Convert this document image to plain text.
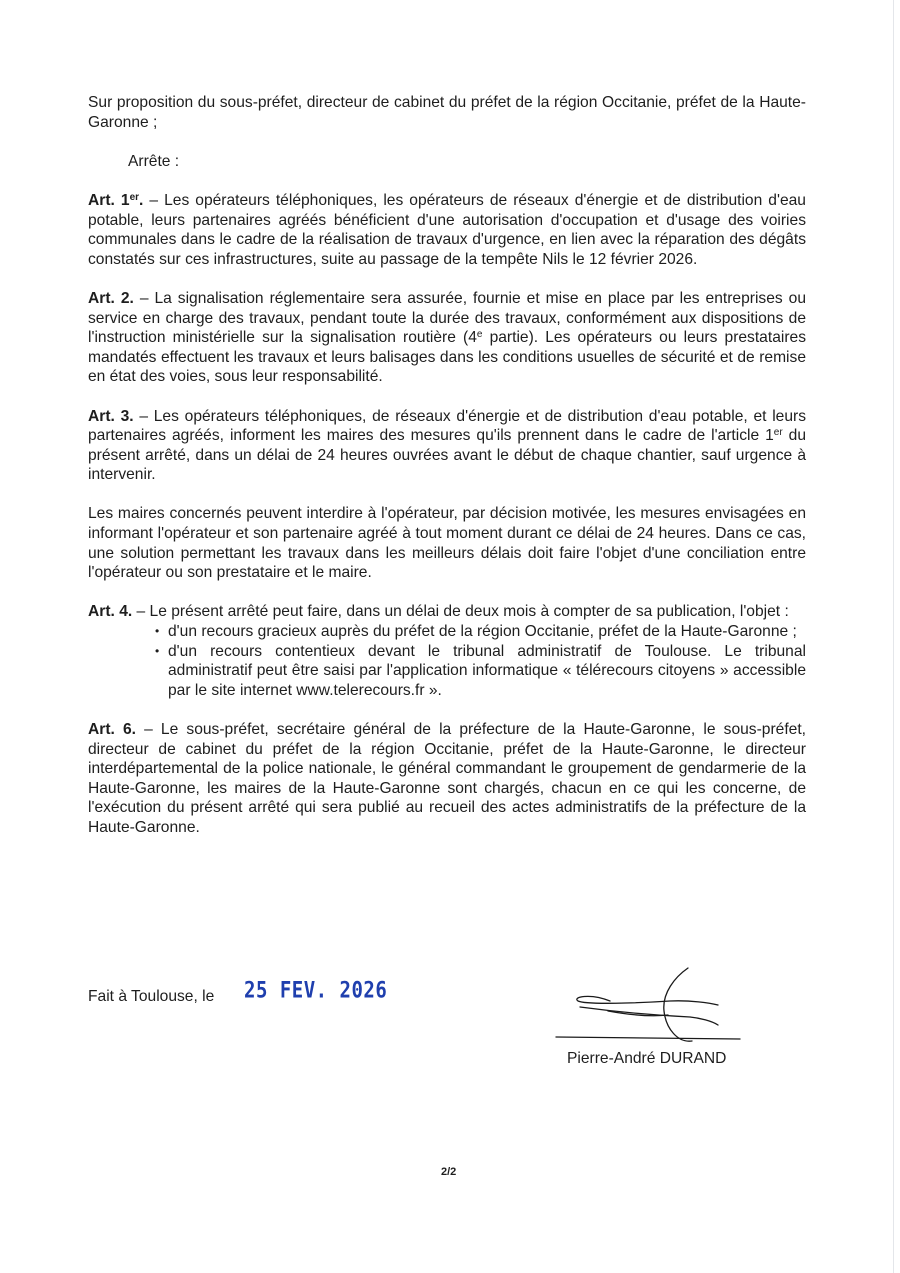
Sur proposition du sous-préfet, directeur de cabinet du préfet de la région Occitanie, préfet de la Haute-Garonne ;

Arrête :

Art. 1er. – Les opérateurs téléphoniques, les opérateurs de réseaux d'énergie et de distribution d'eau potable, leurs partenaires agréés bénéficient d'une autorisation d'occupation et d'usage des voiries communales dans le cadre de la réalisation de travaux d'urgence, en lien avec la réparation des dégâts constatés sur ces infrastructures, suite au passage de la tempête Nils le 12 février 2026.

Art. 2. – La signalisation réglementaire sera assurée, fournie et mise en place par les entreprises ou service en charge des travaux, pendant toute la durée des travaux, conformément aux dispositions de l'instruction ministérielle sur la signalisation routière (4e partie). Les opérateurs ou leurs prestataires mandatés effectuent les travaux et leurs balisages dans les conditions usuelles de sécurité et de remise en état des voies, sous leur responsabilité.

Art. 3. – Les opérateurs téléphoniques, de réseaux d'énergie et de distribution d'eau potable, et leurs partenaires agréés, informent les maires des mesures qu'ils prennent dans le cadre de l'article 1er du présent arrêté, dans un délai de 24 heures ouvrées avant le début de chaque chantier, sauf urgence à intervenir.

Les maires concernés peuvent interdire à l'opérateur, par décision motivée, les mesures envisagées en informant l'opérateur et son partenaire agréé à tout moment durant ce délai de 24 heures. Dans ce cas, une solution permettant les travaux dans les meilleurs délais doit faire l'objet d'une conciliation entre l'opérateur ou son prestataire et le maire.

Art. 4. – Le présent arrêté peut faire, dans un délai de deux mois à compter de sa publication, l'objet :

• d'un recours gracieux auprès du préfet de la région Occitanie, préfet de la Haute-Garonne ;
• d'un recours contentieux devant le tribunal administratif de Toulouse. Le tribunal administratif peut être saisi par l'application informatique « télérecours citoyens » accessible par le site internet www.telerecours.fr ».

Art. 6. – Le sous-préfet, secrétaire général de la préfecture de la Haute-Garonne, le sous-préfet, directeur de cabinet du préfet de la région Occitanie, préfet de la Haute-Garonne, le directeur interdépartemental de la police nationale, le général commandant le groupement de gendarmerie de la Haute-Garonne, les maires de la Haute-Garonne sont chargés, chacun en ce qui les concerne, de l'exécution du présent arrêté qui sera publié au recueil des actes administratifs de la préfecture de la Haute-Garonne.

Fait à Toulouse, le 25 FEV. 2026
Pierre-André DURAND
2/2
